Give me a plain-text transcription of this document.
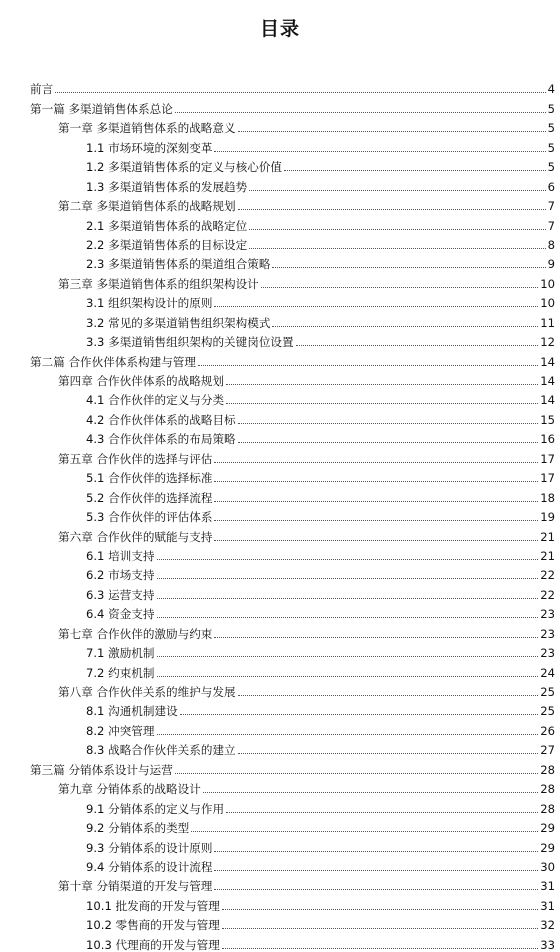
目录
前言	4
第一篇 多渠道销售体系总论	5
第一章 多渠道销售体系的战略意义	5
1.1 市场环境的深刻变革	5
1.2 多渠道销售体系的定义与核心价值	5
1.3 多渠道销售体系的发展趋势	6
第二章 多渠道销售体系的战略规划	7
2.1 多渠道销售体系的战略定位	7
2.2 多渠道销售体系的目标设定	8
2.3 多渠道销售体系的渠道组合策略	9
第三章 多渠道销售体系的组织架构设计	10
3.1 组织架构设计的原则	10
3.2 常见的多渠道销售组织架构模式	11
3.3 多渠道销售组织架构的关键岗位设置	12
第二篇 合作伙伴体系构建与管理	14
第四章 合作伙伴体系的战略规划	14
4.1 合作伙伴的定义与分类	14
4.2 合作伙伴体系的战略目标	15
4.3 合作伙伴体系的布局策略	16
第五章 合作伙伴的选择与评估	17
5.1 合作伙伴的选择标准	17
5.2 合作伙伴的选择流程	18
5.3 合作伙伴的评估体系	19
第六章 合作伙伴的赋能与支持	21
6.1 培训支持	21
6.2 市场支持	22
6.3 运营支持	22
6.4 资金支持	23
第七章 合作伙伴的激励与约束	23
7.1 激励机制	23
7.2 约束机制	24
第八章 合作伙伴关系的维护与发展	25
8.1 沟通机制建设	25
8.2 冲突管理	26
8.3 战略合作伙伴关系的建立	27
第三篇 分销体系设计与运营	28
第九章 分销体系的战略设计	28
9.1 分销体系的定义与作用	28
9.2 分销体系的类型	29
9.3 分销体系的设计原则	29
9.4 分销体系的设计流程	30
第十章 分销渠道的开发与管理	31
10.1 批发商的开发与管理	31
10.2 零售商的开发与管理	32
10.3 代理商的开发与管理	33
